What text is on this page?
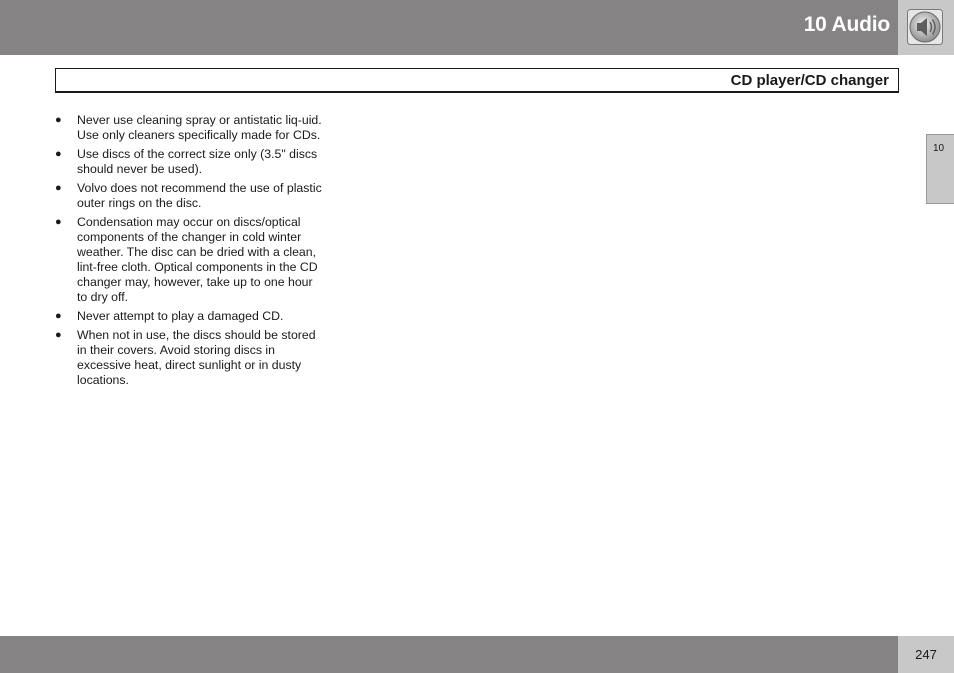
10 Audio
CD player/CD changer
10
● Never use cleaning spray or antistatic liq-uid. Use only cleaners specifically made for CDs.
● Use discs of the correct size only (3.5" discs should never be used).
● Volvo does not recommend the use of plastic outer rings on the disc.
● Condensation may occur on discs/optical components of the changer in cold winter weather. The disc can be dried with a clean, lint-free cloth. Optical components in the CD changer may, however, take up to one hour to dry off.
● Never attempt to play a damaged CD.
● When not in use, the discs should be stored in their covers. Avoid storing discs in excessive heat, direct sunlight or in dusty locations.
247
